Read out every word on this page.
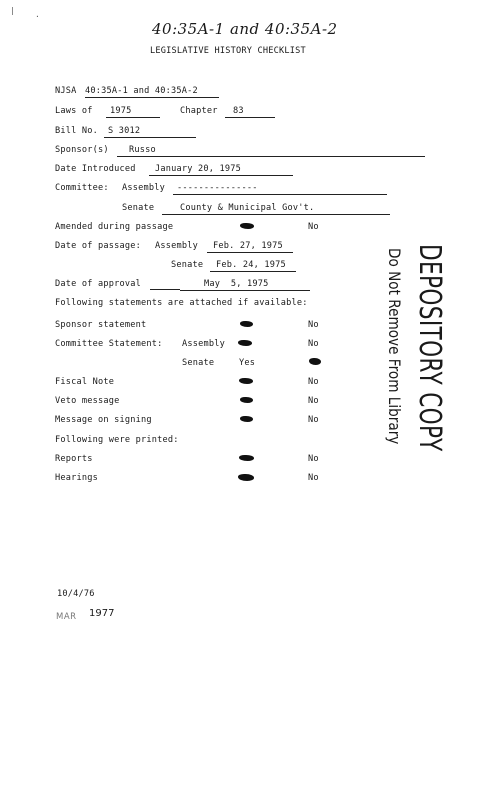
|
·
40:35A-1 and 40:35A-2
LEGISLATIVE HISTORY CHECKLIST
NJSA 40:35A-1 and 40:35A-2
Laws of	1975	Chapter	83
Bill No.	S 3012
Sponsor(s)	Russo
Date Introduced	January 20, 1975
Committee: Assembly	---------------
Senate	County & Municipal Gov't.
Amended during passage	No
Date of passage: Assembly	Feb. 27, 1975
Senate	Feb. 24, 1975
Date of approval	May  5, 1975
Following statements are attached if available:
Sponsor statement	No
Committee Statement: Assembly	No
Senate	Yes
Fiscal Note	No
Veto message	No
Message on signing	No
Following were printed:
Reports	No
Hearings	No
10/4/76
MAR 1977
DEPOSITORY COPY
Do Not Remove From Library
